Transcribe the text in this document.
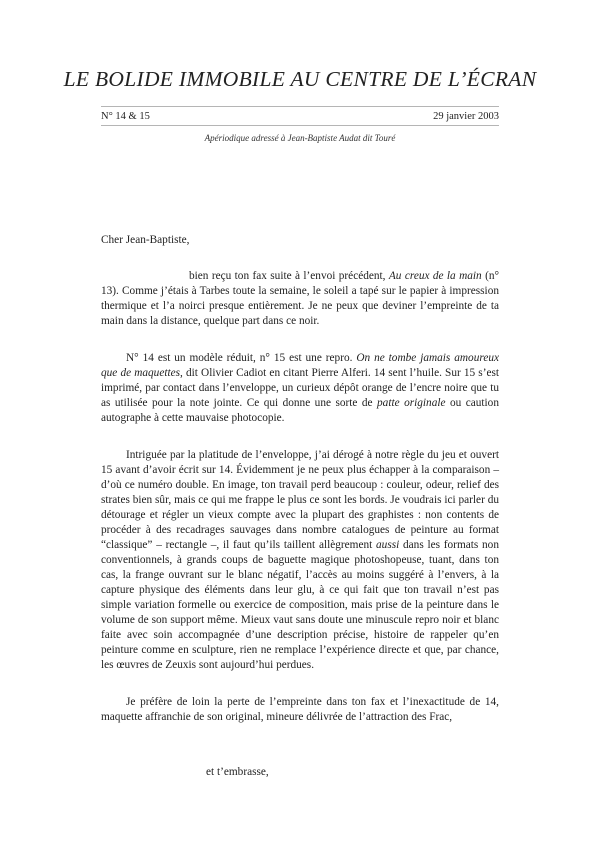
LE BOLIDE IMMOBILE AU CENTRE DE L’ÉCRAN
N° 14 & 15	29 janvier 2003
Apériodique adressé à Jean-Baptiste Audat dit Touré

Cher Jean-Baptiste,

bien reçu ton fax suite à l’envoi précédent, Au creux de la main (n° 13). Comme j’étais à Tarbes toute la semaine, le soleil a tapé sur le papier à impression thermique et l’a noirci presque entièrement. Je ne peux que deviner l’empreinte de ta main dans la distance, quelque part dans ce noir.

N° 14 est un modèle réduit, n° 15 est une repro. On ne tombe jamais amoureux que de maquettes, dit Olivier Cadiot en citant Pierre Alferi. 14 sent l’huile. Sur 15 s’est imprimé, par contact dans l’enveloppe, un curieux dépôt orange de l’encre noire que tu as utilisée pour la note jointe. Ce qui donne une sorte de patte originale ou caution autographe à cette mauvaise photocopie.

Intriguée par la platitude de l’enveloppe, j’ai dérogé à notre règle du jeu et ouvert 15 avant d’avoir écrit sur 14. Évidemment je ne peux plus échapper à la comparaison – d’où ce numéro double. En image, ton travail perd beaucoup : couleur, odeur, relief des strates bien sûr, mais ce qui me frappe le plus ce sont les bords. Je voudrais ici parler du détourage et régler un vieux compte avec la plupart des graphistes : non contents de procéder à des recadrages sauvages dans nombre catalogues de peinture au format “classique” – rectangle –, il faut qu’ils taillent allègrement aussi dans les formats non conventionnels, à grands coups de baguette magique photoshopeuse, tuant, dans ton cas, la frange ouvrant sur le blanc négatif, l’accès au moins suggéré à l’envers, à la capture physique des éléments dans leur glu, à ce qui fait que ton travail n’est pas simple variation formelle ou exercice de composition, mais prise de la peinture dans le volume de son support même. Mieux vaut sans doute une minuscule repro noir et blanc faite avec soin accompagnée d’une description précise, histoire de rappeler qu’en peinture comme en sculpture, rien ne remplace l’expérience directe et que, par chance, les œuvres de Zeuxis sont aujourd’hui perdues.

Je préfère de loin la perte de l’empreinte dans ton fax et l’inexactitude de 14, maquette affranchie de son original, mineure délivrée de l’attraction des Frac,

et t’embrasse,
